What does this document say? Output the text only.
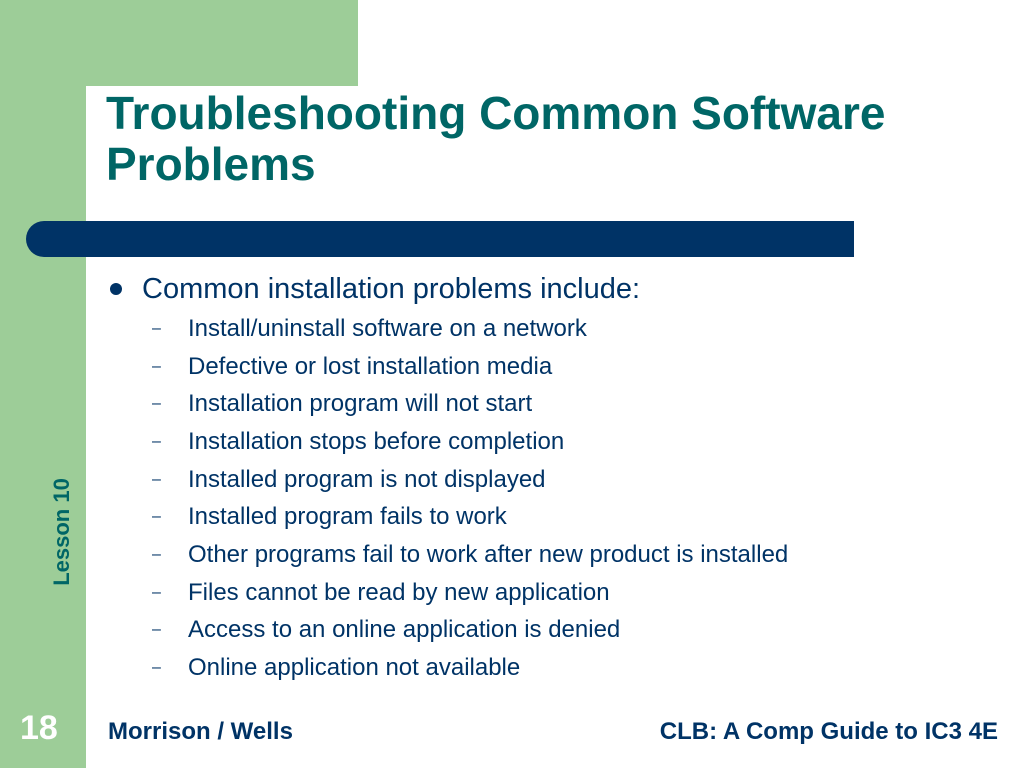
Troubleshooting Common Software Problems
Common installation problems include:
–	Install/uninstall software on a network
–	Defective or lost installation media
–	Installation program will not start
–	Installation stops before completion
–	Installed program is not displayed
–	Installed program fails to work
–	Other programs fail to work after new product is installed
–	Files cannot be read by new application
–	Access to an online application is denied
–	Online application not available
Lesson 10
18 Morrison / Wells	CLB: A Comp Guide to IC3 4E
